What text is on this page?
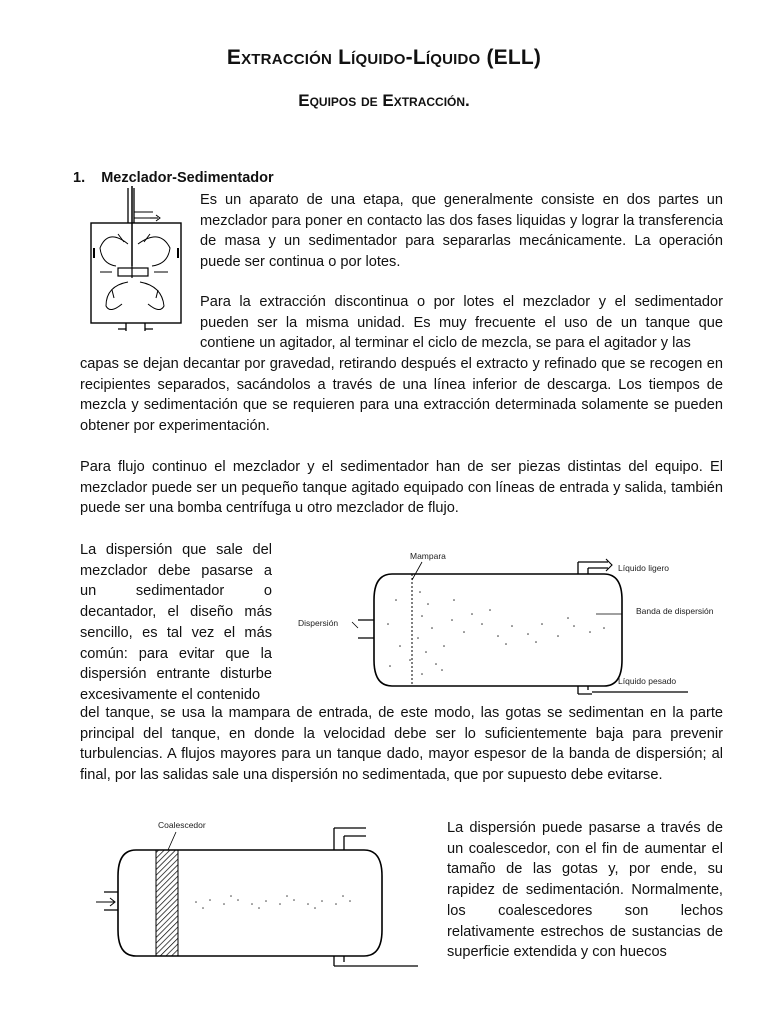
Extracción Líquido-Líquido (ELL)
Equipos de Extracción.
1. Mezclador-Sedimentador

Es un aparato de una etapa, que generalmente consiste en dos partes un mezclador para poner en contacto las dos fases liquidas y lograr la transferencia de masa y un sedimentador para separarlas mecánicamente. La operación puede ser continua o por lotes.

Para la extracción discontinua o por lotes el mezclador y el sedimentador pueden ser la misma unidad. Es muy frecuente el uso de un tanque que contiene un agitador, al terminar el ciclo de mezcla, se para el agitador y las

capas se dejan decantar por gravedad, retirando después el extracto y refinado que se recogen en recipientes separados, sacándolos a través de una línea inferior de descarga. Los tiempos de mezcla y sedimentación que se requieren para una extracción determinada solamente se pueden obtener por experimentación.

Para flujo continuo el mezclador y el sedimentador han de ser piezas distintas del equipo. El mezclador puede ser un pequeño tanque agitado equipado con líneas de entrada y salida, también puede ser una bomba centrífuga u otro mezclador de flujo.

La dispersión que sale del mezclador debe pasarse a un sedimentador o decantador, el diseño más sencillo, es tal vez el más común: para evitar que la dispersión entrante disturbe excesivamente el contenido

Mampara
Líquido ligero
Dispersión
Banda de dispersión
Líquido pesado

del tanque, se usa la mampara de entrada, de este modo, las gotas se sedimentan en la parte principal del tanque, en donde la velocidad debe ser lo suficientemente baja para prevenir turbulencias. A flujos mayores para un tanque dado, mayor espesor de la banda de dispersión; al final, por las salidas sale una dispersión no sedimentada, que por supuesto debe evitarse.

Coalescedor	La dispersión puede pasarse a través de un coalescedor, con el fin de aumentar el tamaño de las gotas y, por ende, su rapidez de sedimentación. Normalmente, los coalescedores son lechos relativamente estrechos de sustancias de superficie extendida y con huecos
